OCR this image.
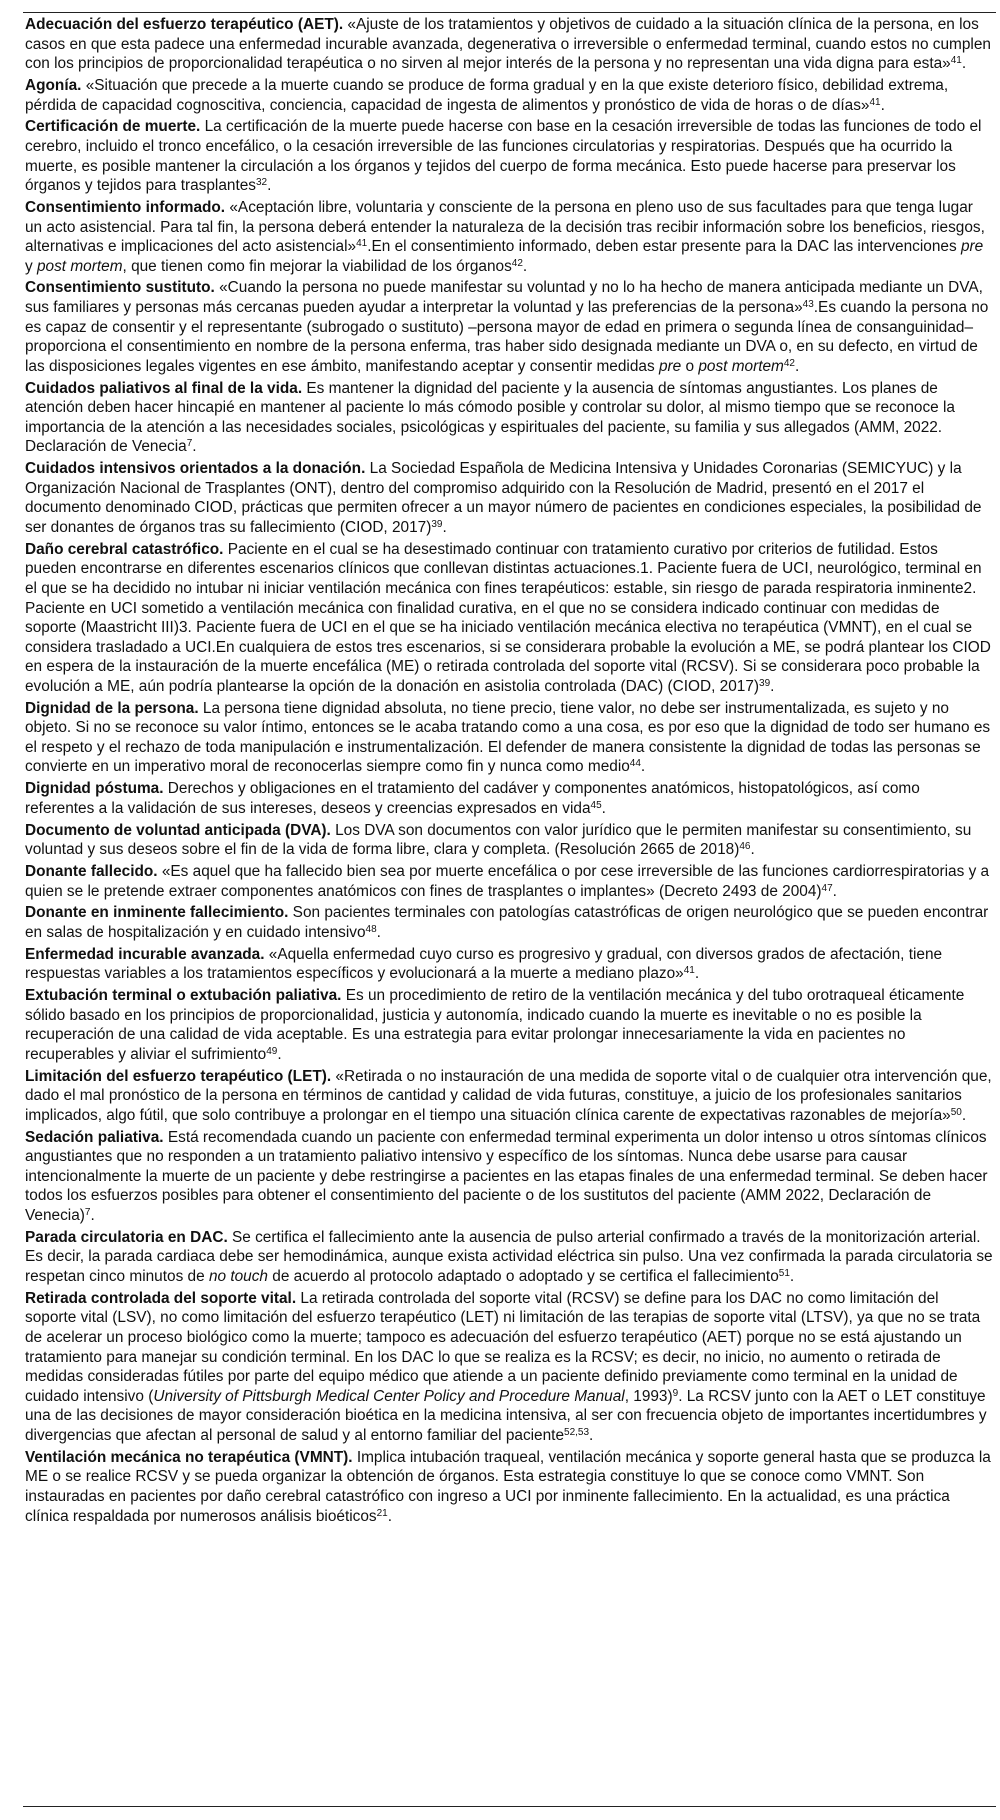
Adecuación del esfuerzo terapéutico (AET). «Ajuste de los tratamientos y objetivos de cuidado a la situación clínica de la persona, en los casos en que esta padece una enfermedad incurable avanzada, degenerativa o irreversible o enfermedad terminal, cuando estos no cumplen con los principios de proporcionalidad terapéutica o no sirven al mejor interés de la persona y no representan una vida digna para esta»$^{41}$.

Agonía. «Situación que precede a la muerte cuando se produce de forma gradual y en la que existe deterioro físico, debilidad extrema, pérdida de capacidad cognoscitiva, conciencia, capacidad de ingesta de alimentos y pronóstico de vida de horas o de días»$^{41}$.

Certificación de muerte. La certificación de la muerte puede hacerse con base en la cesación irreversible de todas las funciones de todo el cerebro, incluido el tronco encefálico, o la cesación irreversible de las funciones circulatorias y respiratorias. Después que ha ocurrido la muerte, es posible mantener la circulación a los órganos y tejidos del cuerpo de forma mecánica. Esto puede hacerse para preservar los órganos y tejidos para trasplantes$^{32}$.

Consentimiento informado. «Aceptación libre, voluntaria y consciente de la persona en pleno uso de sus facultades para que tenga lugar un acto asistencial. Para tal fin, la persona deberá entender la naturaleza de la decisión tras recibir información sobre los beneficios, riesgos, alternativas e implicaciones del acto asistencial»$^{41}$.En el consentimiento informado, deben estar presente para la DAC las intervenciones pre y post mortem, que tienen como fin mejorar la viabilidad de los órganos$^{42}$.

Consentimiento sustituto. «Cuando la persona no puede manifestar su voluntad y no lo ha hecho de manera anticipada mediante un DVA, sus familiares y personas más cercanas pueden ayudar a interpretar la voluntad y las preferencias de la persona»$^{43}$.Es cuando la persona no es capaz de consentir y el representante (subrogado o sustituto) –persona mayor de edad en primera o segunda línea de consanguinidad– proporciona el consentimiento en nombre de la persona enferma, tras haber sido designada mediante un DVA o, en su defecto, en virtud de las disposiciones legales vigentes en ese ámbito, manifestando aceptar y consentir medidas pre o post mortem$^{42}$.

Cuidados paliativos al final de la vida. Es mantener la dignidad del paciente y la ausencia de síntomas angustiantes. Los planes de atención deben hacer hincapié en mantener al paciente lo más cómodo posible y controlar su dolor, al mismo tiempo que se reconoce la importancia de la atención a las necesidades sociales, psicológicas y espirituales del paciente, su familia y sus allegados (AMM, 2022. Declaración de Venecia$^7$.

Cuidados intensivos orientados a la donación. La Sociedad Española de Medicina Intensiva y Unidades Coronarias (SEMICYUC) y la Organización Nacional de Trasplantes (ONT), dentro del compromiso adquirido con la Resolución de Madrid, presentó en el 2017 el documento denominado CIOD, prácticas que permiten ofrecer a un mayor número de pacientes en condiciones especiales, la posibilidad de ser donantes de órganos tras su fallecimiento (CIOD, 2017)$^{39}$.

Daño cerebral catastrófico. Paciente en el cual se ha desestimado continuar con tratamiento curativo por criterios de futilidad. Estos pueden encontrarse en diferentes escenarios clínicos que conllevan distintas actuaciones.1. Paciente fuera de UCI, neurológico, terminal en el que se ha decidido no intubar ni iniciar ventilación mecánica con fines terapéuticos: estable, sin riesgo de parada respiratoria inminente2. Paciente en UCI sometido a ventilación mecánica con finalidad curativa, en el que no se considera indicado continuar con medidas de soporte (Maastricht III)3. Paciente fuera de UCI en el que se ha iniciado ventilación mecánica electiva no terapéutica (VMNT), en el cual se considera trasladado a UCI.En cualquiera de estos tres escenarios, si se considerara probable la evolución a ME, se podrá plantear los CIOD en espera de la instauración de la muerte encefálica (ME) o retirada controlada del soporte vital (RCSV). Si se considerara poco probable la evolución a ME, aún podría plantearse la opción de la donación en asistolia controlada (DAC) (CIOD, 2017)$^{39}$.

Dignidad de la persona. La persona tiene dignidad absoluta, no tiene precio, tiene valor, no debe ser instrumentalizada, es sujeto y no objeto. Si no se reconoce su valor íntimo, entonces se le acaba tratando como a una cosa, es por eso que la dignidad de todo ser humano es el respeto y el rechazo de toda manipulación e instrumentalización. El defender de manera consistente la dignidad de todas las personas se convierte en un imperativo moral de reconocerlas siempre como fin y nunca como medio$^{44}$.

Dignidad póstuma. Derechos y obligaciones en el tratamiento del cadáver y componentes anatómicos, histopatológicos, así como referentes a la validación de sus intereses, deseos y creencias expresados en vida$^{45}$.

Documento de voluntad anticipada (DVA). Los DVA son documentos con valor jurídico que le permiten manifestar su consentimiento, su voluntad y sus deseos sobre el fin de la vida de forma libre, clara y completa. (Resolución 2665 de 2018)$^{46}$.

Donante fallecido. «Es aquel que ha fallecido bien sea por muerte encefálica o por cese irreversible de las funciones cardiorrespiratorias y a quien se le pretende extraer componentes anatómicos con fines de trasplantes o implantes» (Decreto 2493 de 2004)$^{47}$.

Donante en inminente fallecimiento. Son pacientes terminales con patologías catastróficas de origen neurológico que se pueden encontrar en salas de hospitalización y en cuidado intensivo$^{48}$.

Enfermedad incurable avanzada. «Aquella enfermedad cuyo curso es progresivo y gradual, con diversos grados de afectación, tiene respuestas variables a los tratamientos específicos y evolucionará a la muerte a mediano plazo»$^{41}$.

Extubación terminal o extubación paliativa. Es un procedimiento de retiro de la ventilación mecánica y del tubo orotraqueal éticamente sólido basado en los principios de proporcionalidad, justicia y autonomía, indicado cuando la muerte es inevitable o no es posible la recuperación de una calidad de vida aceptable. Es una estrategia para evitar prolongar innecesariamente la vida en pacientes no recuperables y aliviar el sufrimiento$^{49}$.

Limitación del esfuerzo terapéutico (LET). «Retirada o no instauración de una medida de soporte vital o de cualquier otra intervención que, dado el mal pronóstico de la persona en términos de cantidad y calidad de vida futuras, constituye, a juicio de los profesionales sanitarios implicados, algo fútil, que solo contribuye a prolongar en el tiempo una situación clínica carente de expectativas razonables de mejoría»$^{50}$.

Sedación paliativa. Está recomendada cuando un paciente con enfermedad terminal experimenta un dolor intenso u otros síntomas clínicos angustiantes que no responden a un tratamiento paliativo intensivo y específico de los síntomas. Nunca debe usarse para causar intencionalmente la muerte de un paciente y debe restringirse a pacientes en las etapas finales de una enfermedad terminal. Se deben hacer todos los esfuerzos posibles para obtener el consentimiento del paciente o de los sustitutos del paciente (AMM 2022, Declaración de Venecia)$^7$.

Parada circulatoria en DAC. Se certifica el fallecimiento ante la ausencia de pulso arterial confirmado a través de la monitorización arterial. Es decir, la parada cardiaca debe ser hemodinámica, aunque exista actividad eléctrica sin pulso. Una vez confirmada la parada circulatoria se respetan cinco minutos de no touch de acuerdo al protocolo adaptado o adoptado y se certifica el fallecimiento$^{51}$.

Retirada controlada del soporte vital. La retirada controlada del soporte vital (RCSV) se define para los DAC no como limitación del soporte vital (LSV), no como limitación del esfuerzo terapéutico (LET) ni limitación de las terapias de soporte vital (LTSV), ya que no se trata de acelerar un proceso biológico como la muerte; tampoco es adecuación del esfuerzo terapéutico (AET) porque no se está ajustando un tratamiento para manejar su condición terminal. En los DAC lo que se realiza es la RCSV; es decir, no inicio, no aumento o retirada de medidas consideradas fútiles por parte del equipo médico que atiende a un paciente definido previamente como terminal en la unidad de cuidado intensivo (University of Pittsburgh Medical Center Policy and Procedure Manual, 1993)$^9$. La RCSV junto con la AET o LET constituye una de las decisiones de mayor consideración bioética en la medicina intensiva, al ser con frecuencia objeto de importantes incertidumbres y divergencias que afectan al personal de salud y al entorno familiar del paciente$^{52,53}$.

Ventilación mecánica no terapéutica (VMNT). Implica intubación traqueal, ventilación mecánica y soporte general hasta que se produzca la ME o se realice RCSV y se pueda organizar la obtención de órganos. Esta estrategia constituye lo que se conoce como VMNT. Son instauradas en pacientes por daño cerebral catastrófico con ingreso a UCI por inminente fallecimiento. En la actualidad, es una práctica clínica respaldada por numerosos análisis bioéticos$^{21}$.
